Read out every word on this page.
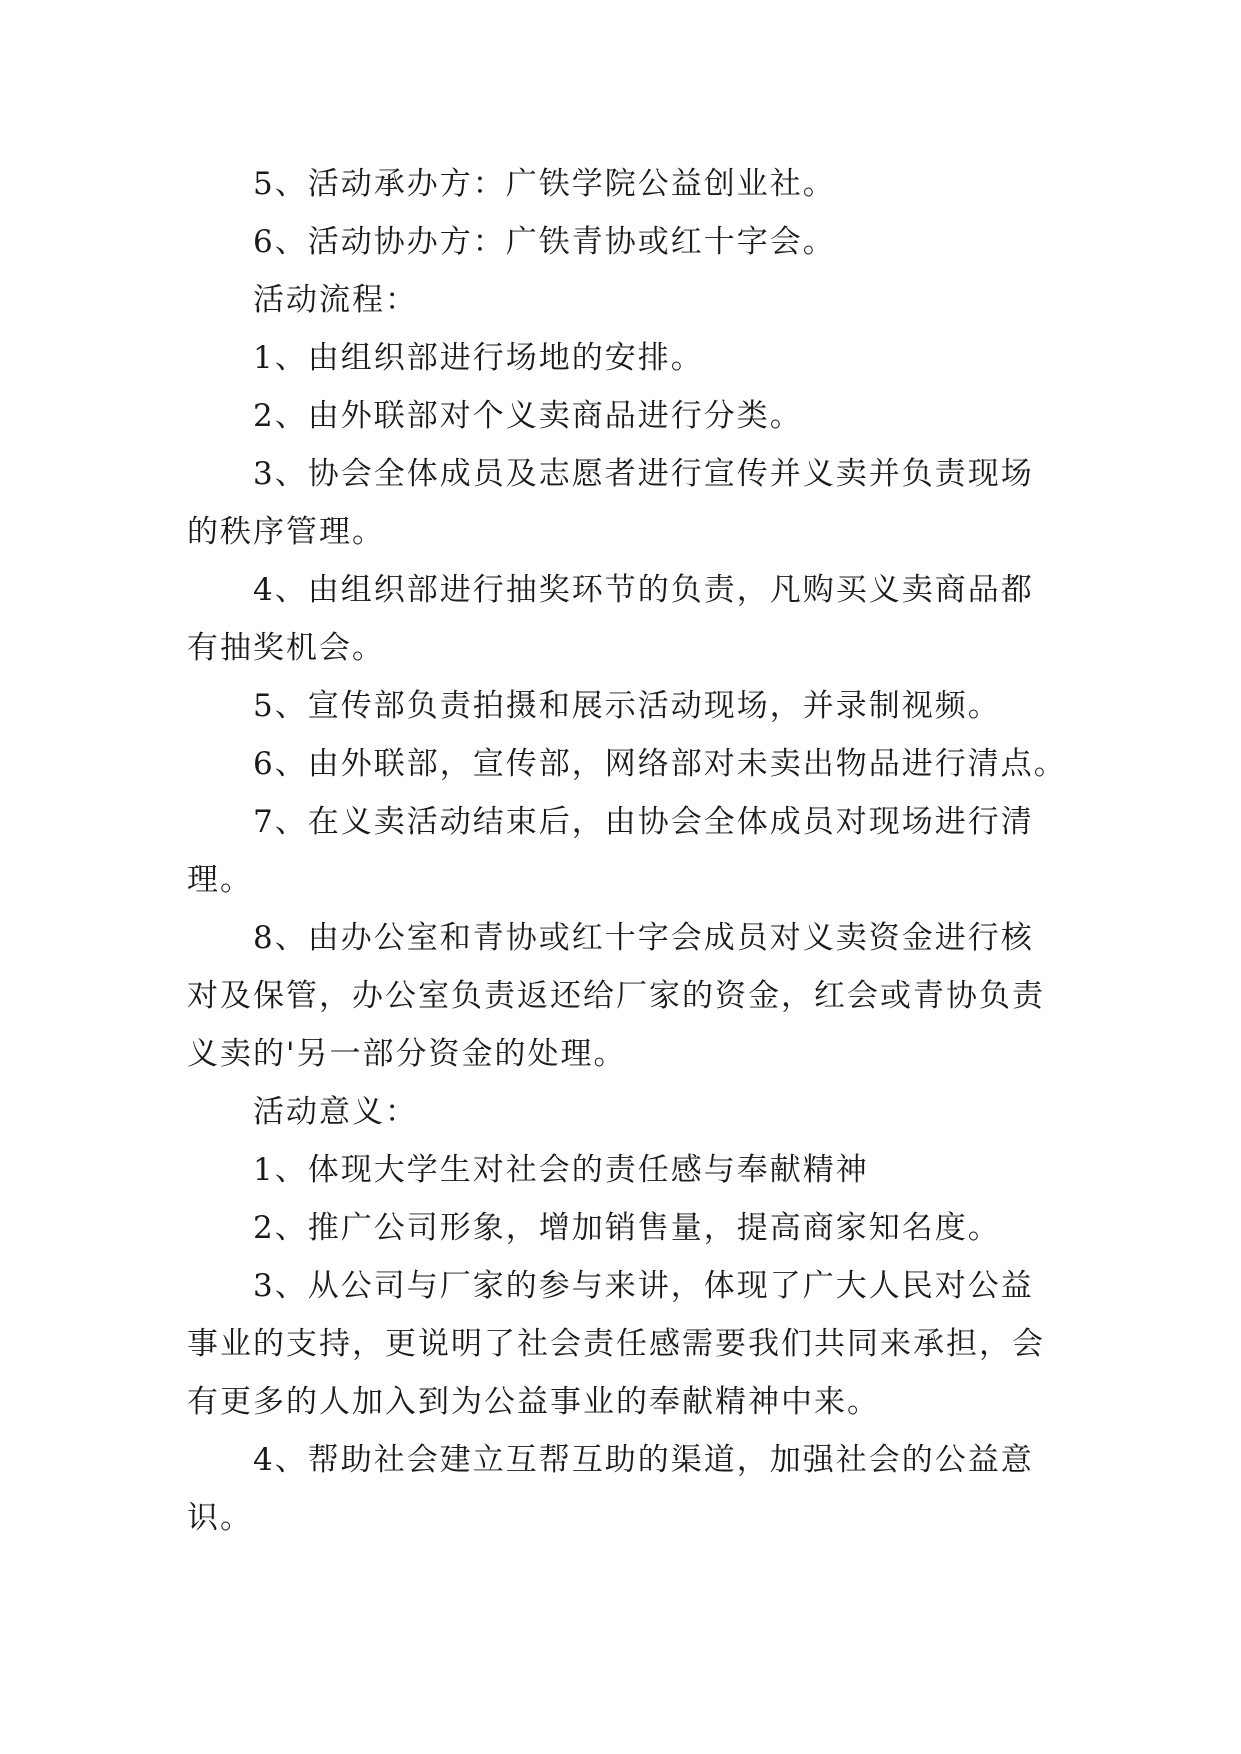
5、活动承办方：广铁学院公益创业社。
6、活动协办方：广铁青协或红十字会。
活动流程：
1、由组织部进行场地的安排。
2、由外联部对个义卖商品进行分类。
3、协会全体成员及志愿者进行宣传并义卖并负责现场
的秩序管理。
4、由组织部进行抽奖环节的负责，凡购买义卖商品都
有抽奖机会。
5、宣传部负责拍摄和展示活动现场，并录制视频。
6、由外联部，宣传部，网络部对未卖出物品进行清点。
7、在义卖活动结束后，由协会全体成员对现场进行清
理。
8、由办公室和青协或红十字会成员对义卖资金进行核
对及保管，办公室负责返还给厂家的资金，红会或青协负责
义卖的'另一部分资金的处理。
活动意义：
1、体现大学生对社会的责任感与奉献精神
2、推广公司形象，增加销售量，提高商家知名度。
3、从公司与厂家的参与来讲，体现了广大人民对公益
事业的支持，更说明了社会责任感需要我们共同来承担，会
有更多的人加入到为公益事业的奉献精神中来。
4、帮助社会建立互帮互助的渠道，加强社会的公益意
识。
